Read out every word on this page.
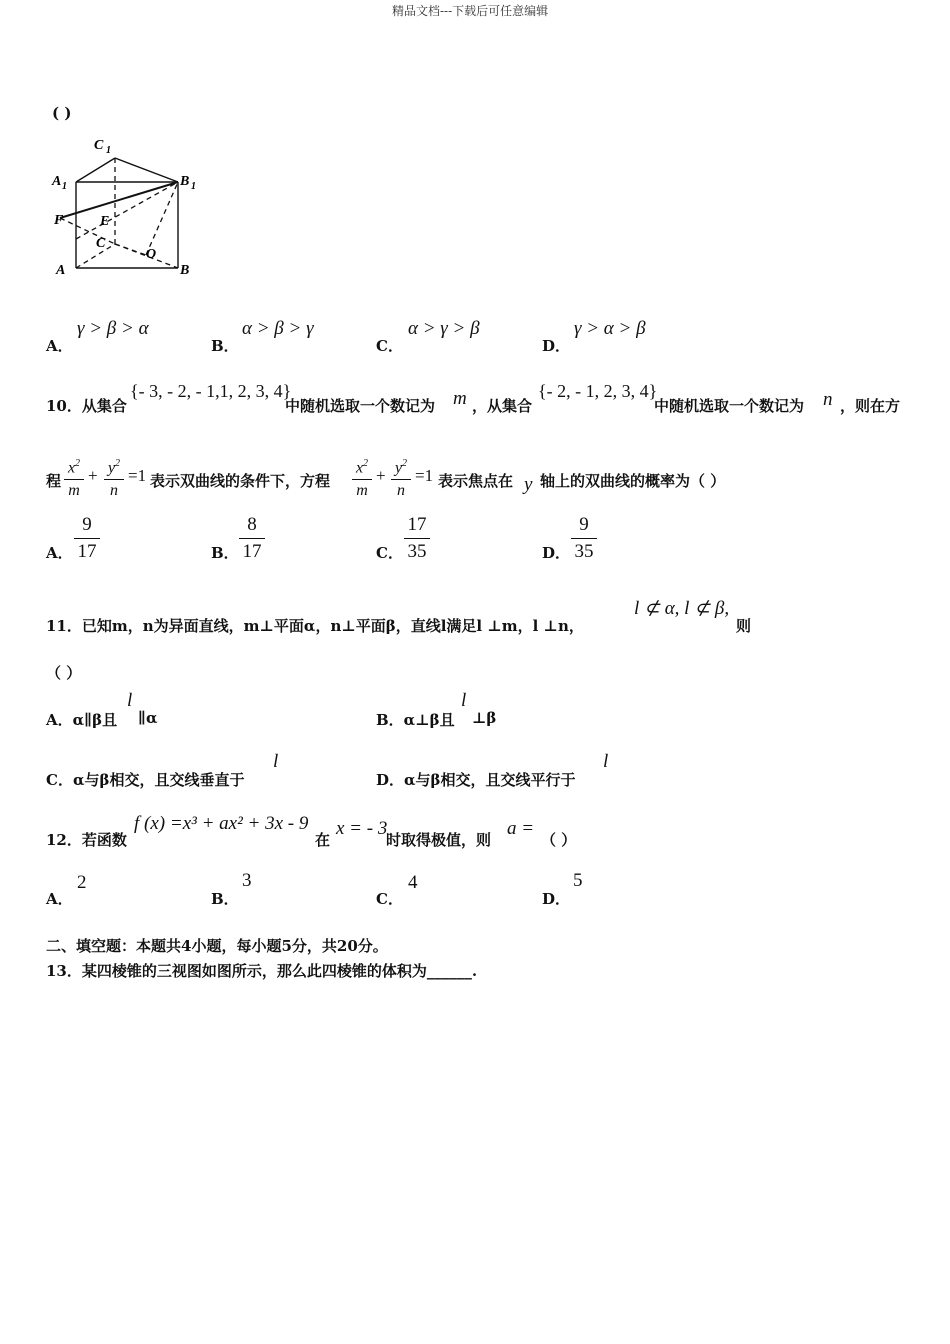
精品文档---下载后可任意编辑
( )
C 1
A 1	B 1
F	E
C
O
A	B
A．
γ > β > α
B．
α > β > γ
C．
α > γ > β
D．
γ > α > β
10．从集合
{- 3, - 2, - 1,1, 2, 3, 4}
中随机选取一个数记为 m ，从集合
{- 2, - 1, 2, 3, 4}
中随机选取一个数记为 n ，则在方
程
$x^2$
m
+ $y^2$
n
=1 表示双曲线的条件下，方程
$x^2$
m
+ $y^2$
n
=1 表示焦点在 y 轴上的双曲线的概率为（ ）
A．
9
17	B．
8
17	C．
17
35	D．
9
35
11．已知m，n为异面直线，m⊥平面α，n⊥平面β，直线l满足l ⊥m，l ⊥n，
l ⊄ α, l ⊄ β,
则
（ ）
A．α∥β且
l
∥α	B．α⊥β且
l
⊥β
C．α与β相交，且交线垂直于
l
D．α与β相交，且交线平行于
l
12．若函数
f (x) =x³ + ax² + 3x - 9
在
x = - 3
时取得极值，则
a =
（ ）
A．
2
B．
3
C．
4
D．
5
二、填空题：本题共4小题，每小题5分，共20分。
13．某四棱锥的三视图如图所示，那么此四棱锥的体积为______.
